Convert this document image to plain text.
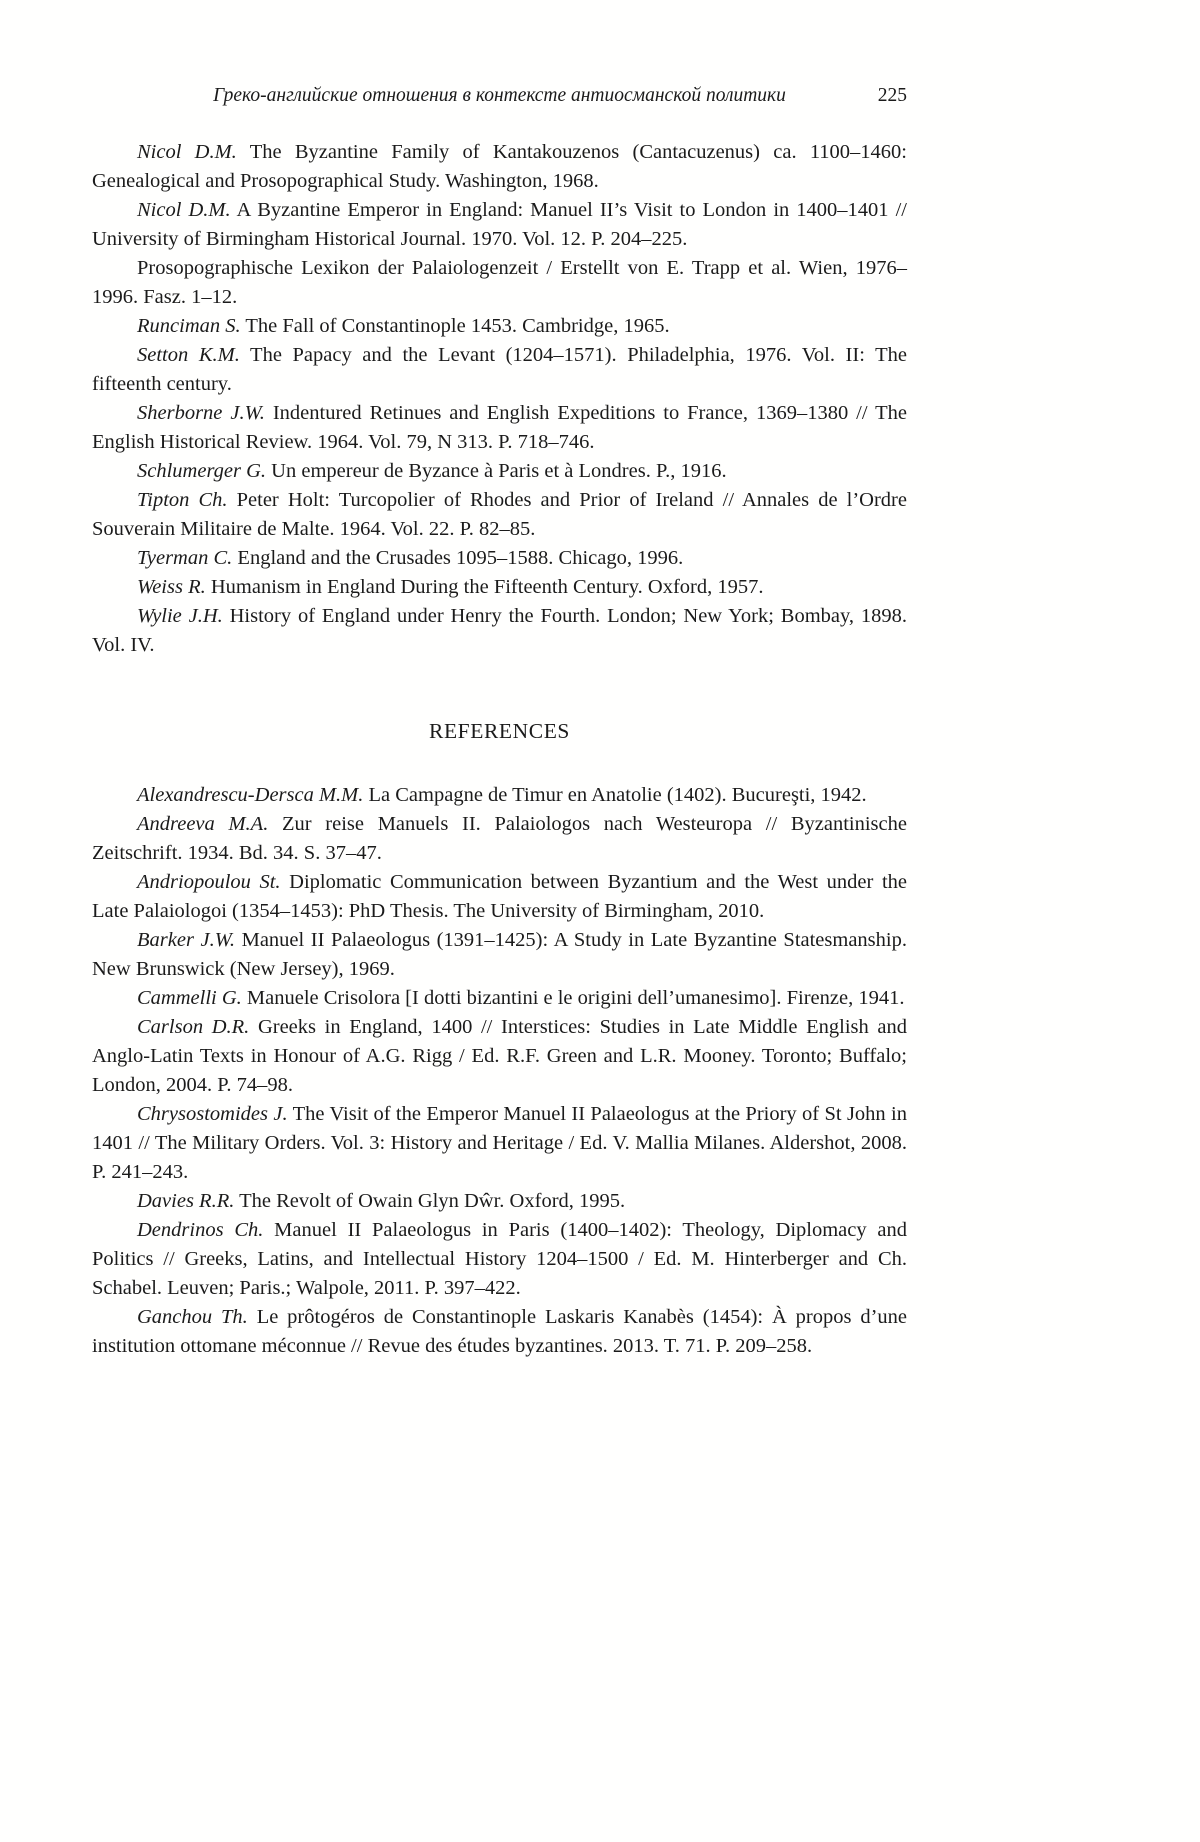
Греко-английские отношения в контексте антиосманской политики	225

Nicol D.M. The Byzantine Family of Kantakouzenos (Cantacuzenus) ca. 1100–1460: Genealogical and Prosopographical Study. Washington, 1968.

Nicol D.M. A Byzantine Emperor in England: Manuel II’s Visit to London in 1400–1401 // University of Birmingham Historical Journal. 1970. Vol. 12. P. 204–225.

Prosopographische Lexikon der Palaiologenzeit / Erstellt von E. Trapp et al. Wien, 1976–1996. Fasz. 1–12.

Runciman S. The Fall of Constantinople 1453. Cambridge, 1965.

Setton K.M. The Papacy and the Levant (1204–1571). Philadelphia, 1976. Vol. II: The fifteenth century.

Sherborne J.W. Indentured Retinues and English Expeditions to France, 1369–1380 // The English Historical Review. 1964. Vol. 79, N 313. P. 718–746.

Schlumerger G. Un empereur de Byzance à Paris et à Londres. P., 1916.

Tipton Ch. Peter Holt: Turcopolier of Rhodes and Prior of Ireland // Annales de l’Ordre Souverain Militaire de Malte. 1964. Vol. 22. P. 82–85.

Tyerman C. England and the Crusades 1095–1588. Chicago, 1996.

Weiss R. Humanism in England During the Fifteenth Century. Oxford, 1957.

Wylie J.H. History of England under Henry the Fourth. London; New York; Bombay, 1898. Vol. IV.

REFERENCES

Alexandrescu-Dersca M.M. La Campagne de Timur en Anatolie (1402). Bucureşti, 1942.

Andreeva M.A. Zur reise Manuels II. Palaiologos nach Westeuropa // Byzantinische Zeitschrift. 1934. Bd. 34. S. 37–47.

Andriopoulou St. Diplomatic Communication between Byzantium and the West under the Late Palaiologoi (1354–1453): PhD Thesis. The University of Birmingham, 2010.

Barker J.W. Manuel II Palaeologus (1391–1425): A Study in Late Byzantine Statesmanship. New Brunswick (New Jersey), 1969.

Cammelli G. Manuele Crisolora [I dotti bizantini e le origini dell’umanesimo]. Firenze, 1941.

Carlson D.R. Greeks in England, 1400 // Interstices: Studies in Late Middle English and Anglo-Latin Texts in Honour of A.G. Rigg / Ed. R.F. Green and L.R. Mooney. Toronto; Buffalo; London, 2004. P. 74–98.

Chrysostomides J. The Visit of the Emperor Manuel II Palaeologus at the Priory of St John in 1401 // The Military Orders. Vol. 3: History and Heritage / Ed. V. Mallia Milanes. Aldershot, 2008. P. 241–243.

Davies R.R. The Revolt of Owain Glyn Dŵr. Oxford, 1995.

Dendrinos Ch. Manuel II Palaeologus in Paris (1400–1402): Theology, Diplomacy and Politics // Greeks, Latins, and Intellectual History 1204–1500 / Ed. M. Hinterberger and Ch. Schabel. Leuven; Paris.; Walpole, 2011. P. 397–422.

Ganchou Th. Le prôtogéros de Constantinople Laskaris Kanabès (1454): À propos d’une institution ottomane méconnue // Revue des études byzantines. 2013. T. 71. P. 209–258.
